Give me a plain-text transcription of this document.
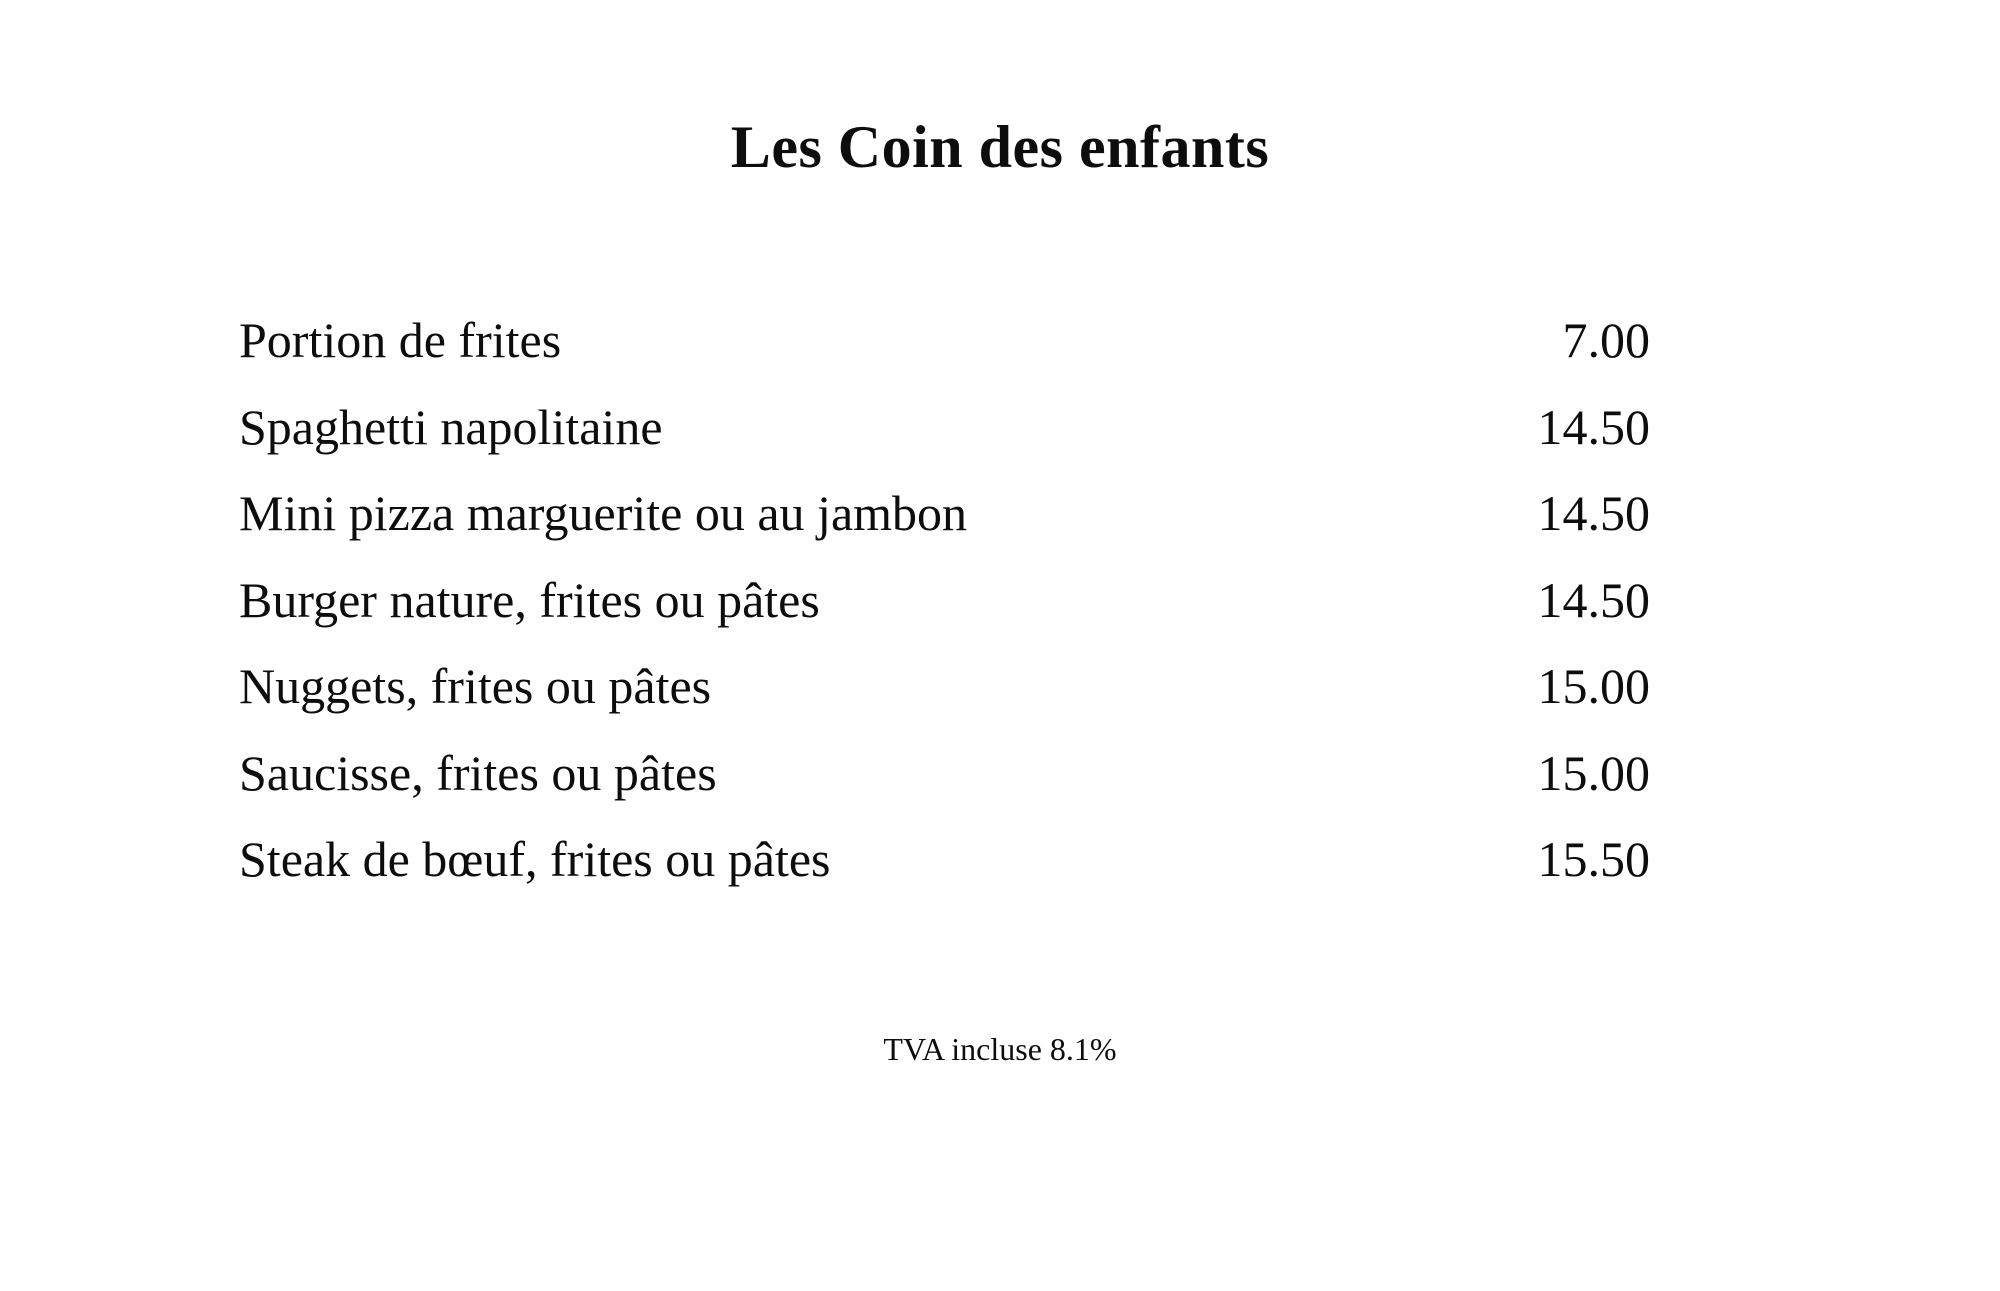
Les Coin des enfants
Portion de frites	7.00
Spaghetti napolitaine	14.50
Mini pizza marguerite ou au jambon	14.50
Burger nature, frites ou pâtes	14.50
Nuggets, frites ou pâtes	15.00
Saucisse, frites ou pâtes	15.00
Steak de bœuf, frites ou pâtes	15.50
TVA incluse 8.1%
